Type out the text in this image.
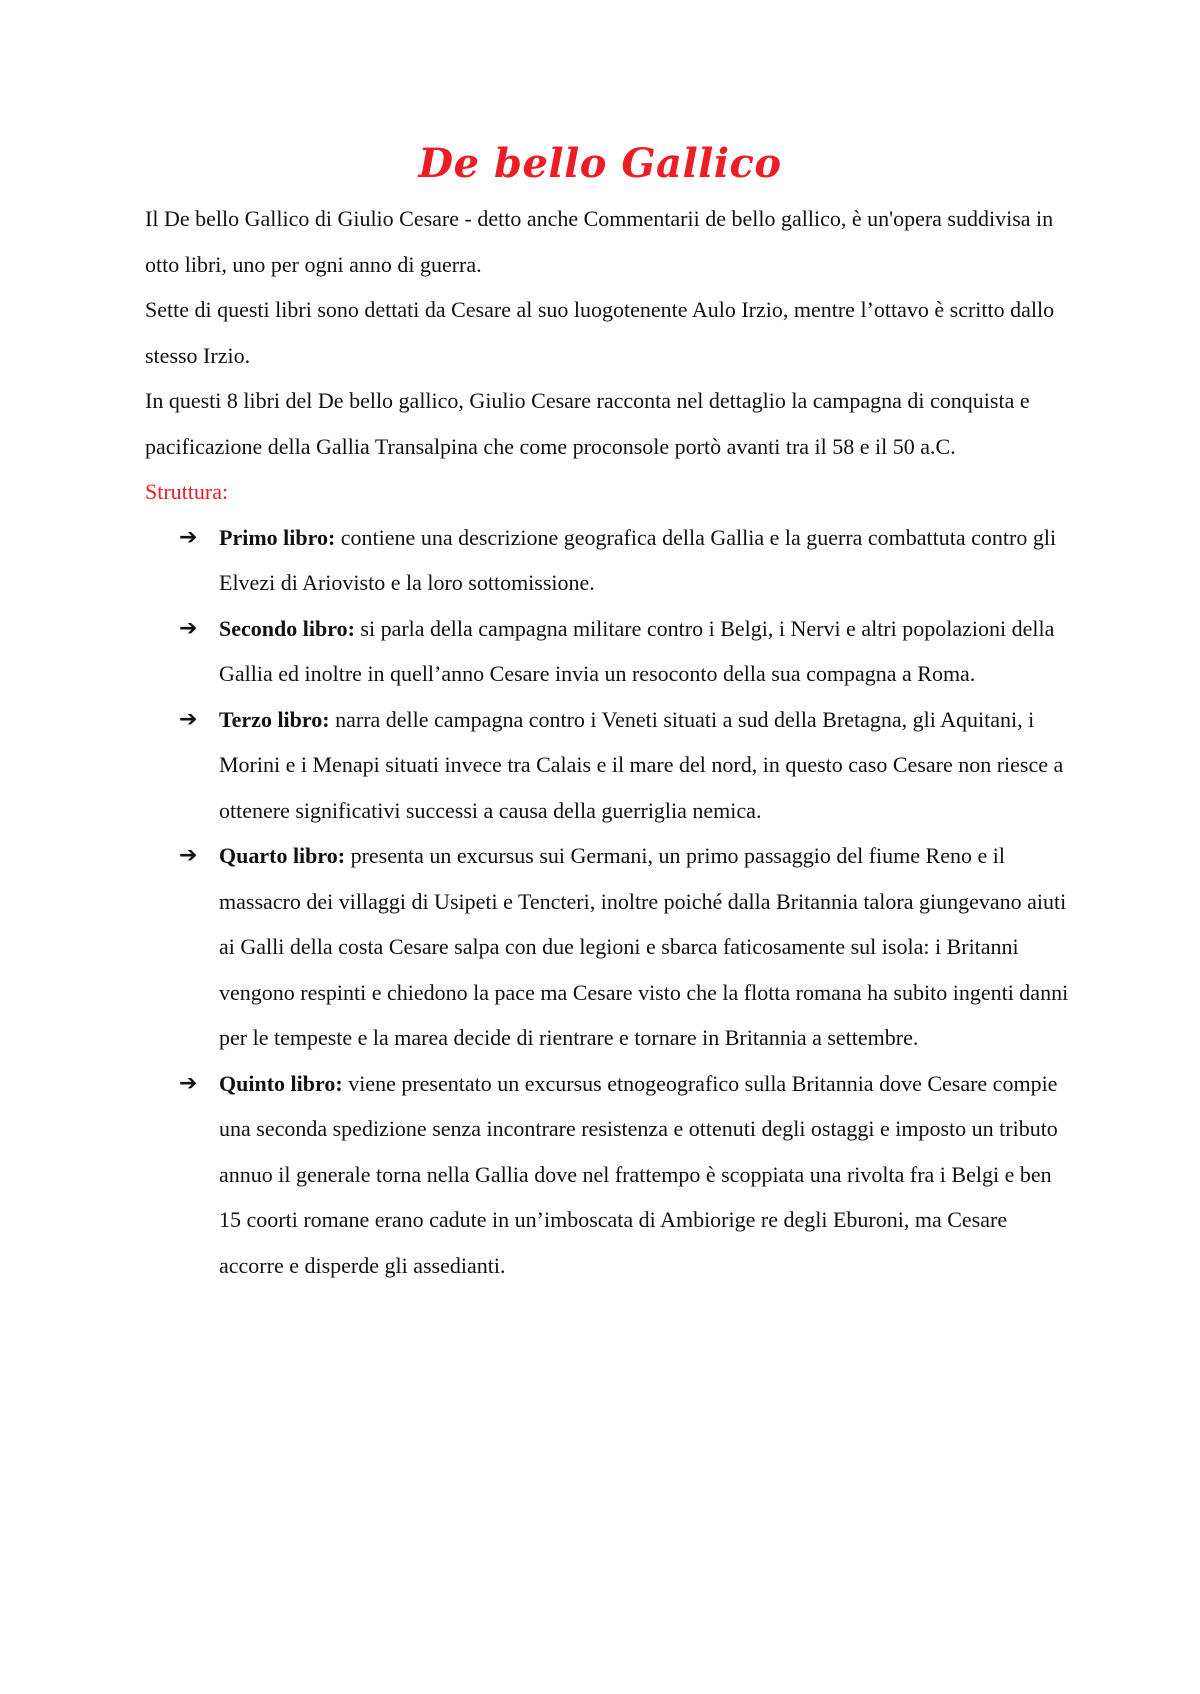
De bello Gallico

Il De bello Gallico di Giulio Cesare - detto anche Commentarii de bello gallico, è un'opera suddivisa in otto libri, uno per ogni anno di guerra.

Sette di questi libri sono dettati da Cesare al suo luogotenente Aulo Irzio, mentre l’ottavo è scritto dallo stesso Irzio.

In questi 8 libri del De bello gallico, Giulio Cesare racconta nel dettaglio la campagna di conquista e pacificazione della Gallia Transalpina che come proconsole portò avanti tra il 58 e il 50 a.C.

Struttura:

➔ Primo libro: contiene una descrizione geografica della Gallia e la guerra combattuta contro gli Elvezi di Ariovisto e la loro sottomissione.
➔ Secondo libro: si parla della campagna militare contro i Belgi, i Nervi e altri popolazioni della Gallia ed inoltre in quell’anno Cesare invia un resoconto della sua compagna a Roma.
➔ Terzo libro: narra delle campagna contro i Veneti situati a sud della Bretagna, gli Aquitani, i Morini e i Menapi situati invece tra Calais e il mare del nord, in questo caso Cesare non riesce a ottenere significativi successi a causa della guerriglia nemica.
➔ Quarto libro: presenta un excursus sui Germani, un primo passaggio del fiume Reno e il massacro dei villaggi di Usipeti e Tencteri, inoltre poiché dalla Britannia talora giungevano aiuti ai Galli della costa Cesare salpa con due legioni e sbarca faticosamente sul isola: i Britanni vengono respinti e chiedono la pace ma Cesare visto che la flotta romana ha subito ingenti danni per le tempeste e la marea decide di rientrare e tornare in Britannia a settembre.
➔ Quinto libro: viene presentato un excursus etnogeografico sulla Britannia dove Cesare compie una seconda spedizione senza incontrare resistenza e ottenuti degli ostaggi e imposto un tributo annuo il generale torna nella Gallia dove nel frattempo è scoppiata una rivolta fra i Belgi e ben 15 coorti romane erano cadute in un’imboscata di Ambiorige re degli Eburoni, ma Cesare accorre e disperde gli assedianti.
